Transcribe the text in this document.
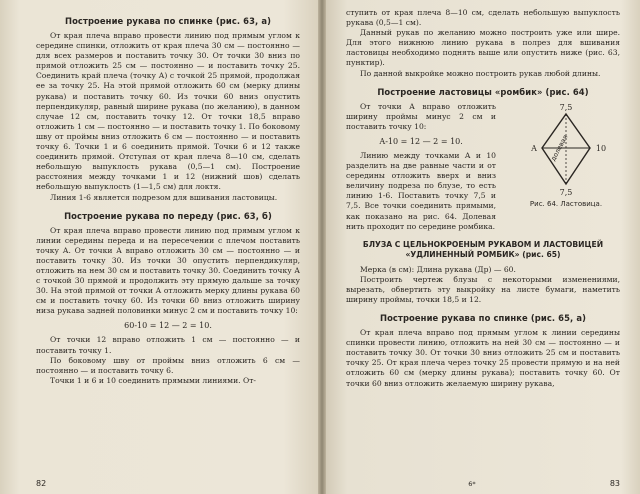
Построение рукава по спинке (рис. 63, а)

От края плеча вправо провести линию под прямым углом к середине спинки, отложить от края плеча 30 см — постоянно — для всех размеров и поставить точку 30. От точки 30 вниз по прямой отложить 25 см — постоянно — и поставить точку 25. Соединить край плеча (точку А) с точкой 25 прямой, продолжая ее за точку 25. На этой прямой отложить 60 см (мерку длины рукава) и поставить точку 60. Из точки 60 вниз опустить перпендикуляр, равный ширине рукава (по желанию), в данном случае 12 см, поставить точку 12. От точки 18,5 вправо отложить 1 см — постоянно — и поставить точку 1. По боковому шву от проймы вниз отложить 6 см — постоянно — и поставить точку 6. Точки 1 и 6 соединить прямой. Точки 6 и 12 также соединить прямой. Отступая от края плеча 8—10 см, сделать небольшую выпуклость рукава (0,5—1 см). Построение расстояния между точками 1 и 12 (нижний шов) сделать небольшую выпуклость (1—1,5 см) для локтя.

Линия 1-6 является подрезом для вшивания ластовицы.

Построение рукава по переду (рис. 63, б)

От края плеча вправо провести линию под прямым углом к линии середины переда и на пересечении с плечом поставить точку А. От точки А вправо отложить 30 см — постоянно — и поставить точку 30. Из точки 30 опустить перпендикуляр, отложить на нем 30 см и поставить точку 30. Соединить точку А с точкой 30 прямой и продолжить эту прямую дальше за точку 30. На этой прямой от точки А отложить мерку длины рукава 60 см и поставить точку 60. Из точки 60 вниз отложить ширину низа рукава задней половинки минус 2 см и поставить точку 10:

60-10 = 12 — 2 = 10.

От точки 12 вправо отложить 1 см — постоянно — и поставить точку 1.

По боковому шву от проймы вниз отложить 6 см — постоянно — и поставить точку 6.

Точки 1 и 6 и 10 соединить прямыми линиями. От-

82

ступить от края плеча 8—10 см, сделать небольшую выпуклость рукава (0,5—1 см).

Данный рукав по желанию можно построить уже или шире. Для этого нижнюю линию рукава в полрез для вшивания ластовицы необходимо поднять выше или опустить ниже (рис. 63, пунктир).

По данной выкройке можно построить рукав любой длины.

Построение ластовицы «ромбик» (рис. 64)

От точки А вправо отложить ширину проймы минус 2 см и поставить точку 10:

А-10 = 12 — 2 = 10.

Линию между точками А и 10 разделить на две равные части и от середины отложить вверх и вниз величину подреза по блузе, то есть линию 1-6. Поставить точку 7,5 и 7,5. Все точки соединить прямыми, как показано на рис. 64. Долевая нить проходит по середине ромбика.

7,5
7,5
А	10
долевая
Рис. 64. Ластовица.
БЛУЗА С ЦЕЛЬНОКРОЕНЫМ РУКАВОМ И ЛАСТОВИЦЕЙ «УДЛИНЕННЫЙ РОМБИК» (рис. 65)

Мерка (в см): Длина рукава (Др) — 60.

Построить чертеж блузы с некоторыми изменениями, вырезать, обвертить эту выкройку на листе бумаги, наметить ширину проймы, точки 18,5 и 12.

Построение рукава по спинке (рис. 65, а)

От края плеча вправо под прямым углом к линии середины спинки провести линию, отложить на ней 30 см — постоянно — и поставить точку 30. От точки 30 вниз отложить 25 см и поставить точку 25. От края плеча через точку 25 провести прямую и на ней отложить 60 см (мерку длины рукава); поставить точку 60. От точки 60 вниз отложить желаемую ширину рукава,

6*	83
